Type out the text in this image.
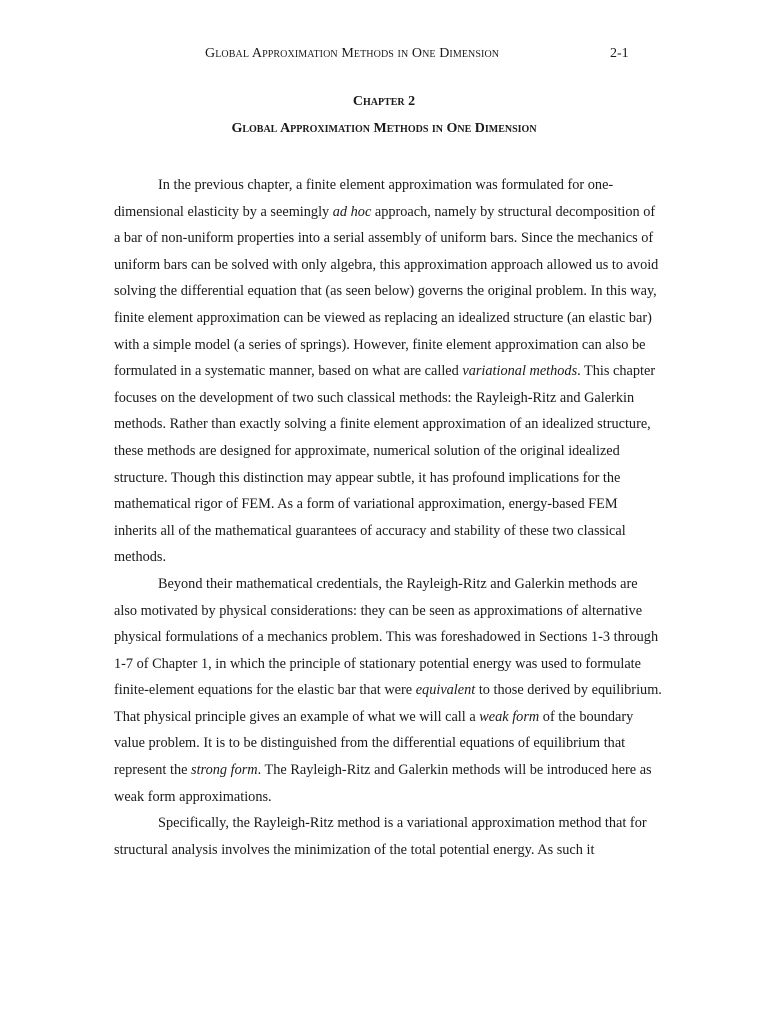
Global Approximation Methods in One Dimension	2-1
Chapter 2
Global Approximation Methods in One Dimension

In the previous chapter, a finite element approximation was formulated for one-dimensional elasticity by a seemingly ad hoc approach, namely by structural decomposition of a bar of non-uniform properties into a serial assembly of uniform bars. Since the mechanics of uniform bars can be solved with only algebra, this approximation approach allowed us to avoid solving the differential equation that (as seen below) governs the original problem. In this way, finite element approximation can be viewed as replacing an idealized structure (an elastic bar) with a simple model (a series of springs). However, finite element approximation can also be formulated in a systematic manner, based on what are called variational methods. This chapter focuses on the development of two such classical methods: the Rayleigh-Ritz and Galerkin methods. Rather than exactly solving a finite element approximation of an idealized structure, these methods are designed for approximate, numerical solution of the original idealized structure. Though this distinction may appear subtle, it has profound implications for the mathematical rigor of FEM. As a form of variational approximation, energy-based FEM inherits all of the mathematical guarantees of accuracy and stability of these two classical methods.

Beyond their mathematical credentials, the Rayleigh-Ritz and Galerkin methods are also motivated by physical considerations: they can be seen as approximations of alternative physical formulations of a mechanics problem. This was foreshadowed in Sections 1-3 through 1-7 of Chapter 1, in which the principle of stationary potential energy was used to formulate finite-element equations for the elastic bar that were equivalent to those derived by equilibrium. That physical principle gives an example of what we will call a weak form of the boundary value problem. It is to be distinguished from the differential equations of equilibrium that represent the strong form. The Rayleigh-Ritz and Galerkin methods will be introduced here as weak form approximations.

Specifically, the Rayleigh-Ritz method is a variational approximation method that for structural analysis involves the minimization of the total potential energy. As such it
